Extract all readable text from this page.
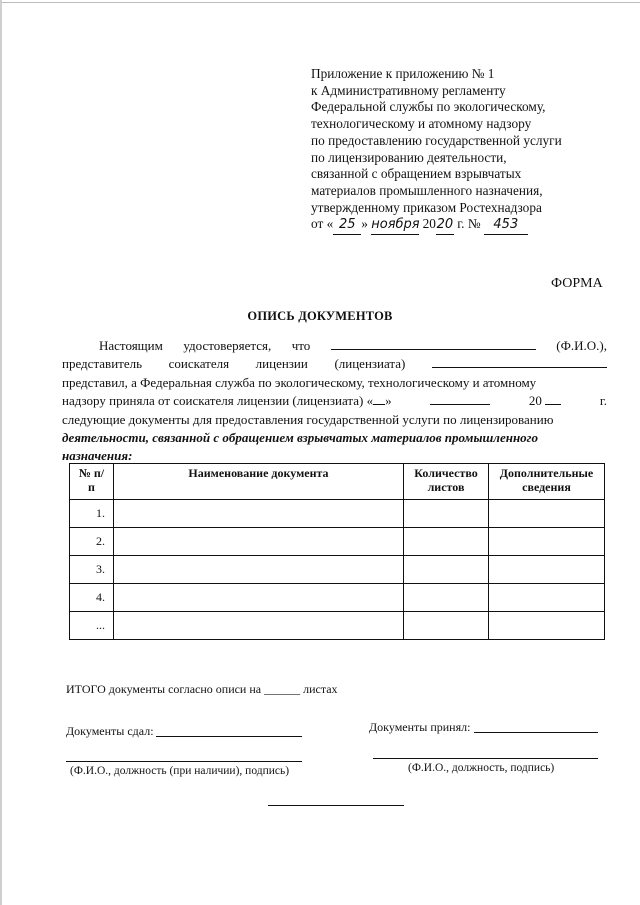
Приложение к приложению № 1
к Административному регламенту
Федеральной службы по экологическому,
технологическому и атомному надзору
по предоставлению государственной услуги
по лицензированию деятельности,
связанной с обращением взрывчатых
материалов промышленного назначения,
утвержденному приказом Ростехнадзора
от « 25 » ноября 2020 г. № 453
ФОРМА
ОПИСЬ ДОКУМЕНТОВ
Настоящим удостоверяется, что	(Ф.И.О.),
представитель соискателя лицензии (лицензиата)
представил, а Федеральная служба по экологическому, технологическому и атомному
надзору приняла от соискателя лицензии (лицензиата) « »	20	г.
следующие документы для предоставления государственной услуги по лицензированию
деятельности, связанной с обращением взрывчатых материалов промышленного
назначения:
№ п/п	Наименование документа	Количество листов	Дополнительные сведения

1.			
2.			
3.			
4.			
...			
ИТОГО документы согласно описи на ______ листах
Документы сдал:	Документы принял:
(Ф.И.О., должность (при наличии), подпись)	(Ф.И.О., должность, подпись)
